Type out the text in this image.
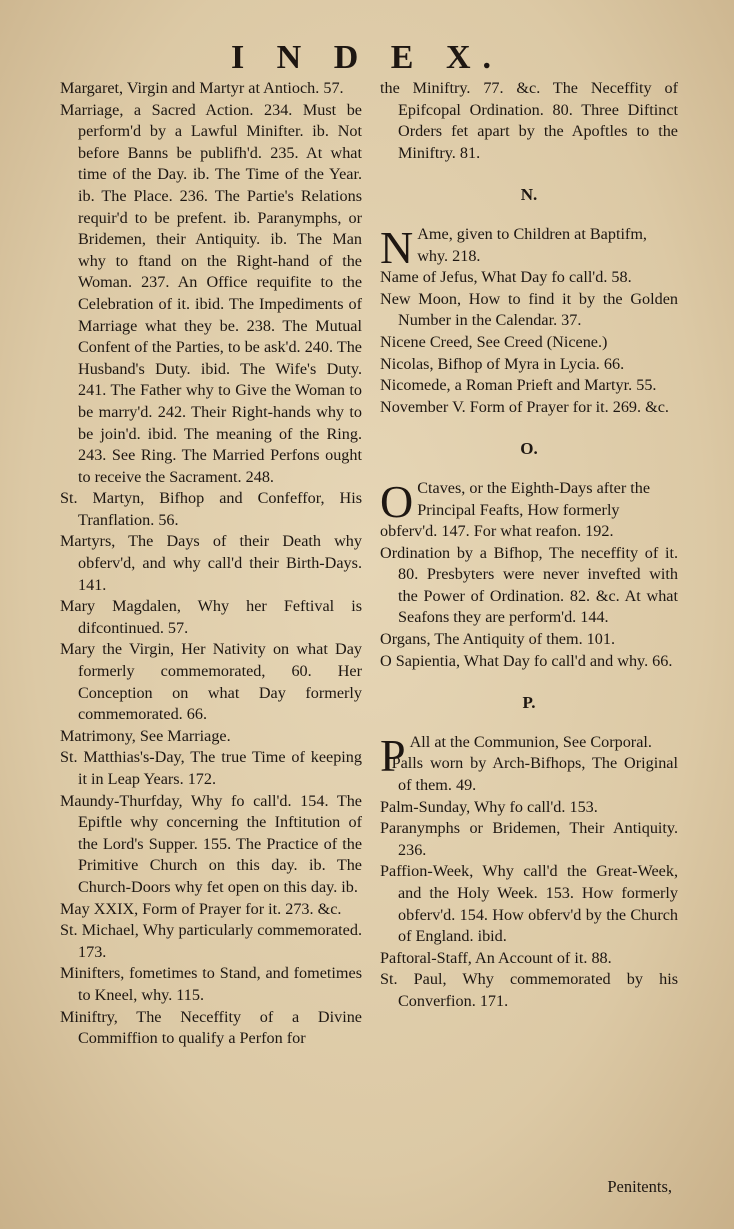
I N D E X.

Margaret, Virgin and Martyr at Antioch. 57.

Marriage, a Sacred Action. 234. Must be perform'd by a Lawful Minifter. ib. Not before Banns be publifh'd. 235. At what time of the Day. ib. The Time of the Year. ib. The Place. 236. The Partie's Relations requir'd to be prefent. ib. Paranymphs, or Bridemen, their Antiquity. ib. The Man why to ftand on the Right-hand of the Woman. 237. An Office requifite to the Celebration of it. ibid. The Impediments of Marriage what they be. 238. The Mutual Confent of the Parties, to be ask'd. 240. The Husband's Duty. ibid. The Wife's Duty. 241. The Father why to Give the Woman to be marry'd. 242. Their Right-hands why to be join'd. ibid. The meaning of the Ring. 243. See Ring. The Married Perfons ought to receive the Sacrament. 248.

St. Martyn, Bifhop and Confeffor, His Tranflation. 56.

Martyrs, The Days of their Death why obferv'd, and why call'd their Birth-Days. 141.

Mary Magdalen, Why her Feftival is difcontinued. 57.

Mary the Virgin, Her Nativity on what Day formerly commemorated, 60. Her Conception on what Day formerly commemorated. 66.

Matrimony, See Marriage.

St. Matthias's-Day, The true Time of keeping it in Leap Years. 172.

Maundy-Thurfday, Why fo call'd. 154. The Epiftle why concerning the Inftitution of the Lord's Supper. 155. The Practice of the Primitive Church on this day. ib. The Church-Doors why fet open on this day. ib.

May XXIX, Form of Prayer for it. 273. &c.

St. Michael, Why particularly commemorated. 173.

Minifters, fometimes to Stand, and fometimes to Kneel, why. 115.

Miniftry, The Neceffity of a Divine Commiffion to qualify a Perfon for

the Miniftry. 77. &c. The Neceffity of Epifcopal Ordination. 80. Three Diftinct Orders fet apart by the Apoftles to the Miniftry. 81.

N.

N Ame, given to Children at Baptifm, why. 218.

Name of Jefus, What Day fo call'd. 58.

New Moon, How to find it by the Golden Number in the Calendar. 37.

Nicene Creed, See Creed (Nicene.)

Nicolas, Bifhop of Myra in Lycia. 66.

Nicomede, a Roman Prieft and Martyr. 55.

November V. Form of Prayer for it. 269. &c.

O.

O Ctaves, or the Eighth-Days after the Principal Feafts, How formerly obferv'd. 147. For what reafon. 192.

Ordination by a Bifhop, The neceffity of it. 80. Presbyters were never invefted with the Power of Ordination. 82. &c. At what Seafons they are perform'd. 144.

Organs, The Antiquity of them. 101.

O Sapientia, What Day fo call'd and why. 66.

P.

P All at the Communion, See Corporal.

Palls worn by Arch-Bifhops, The Original of them. 49.

Palm-Sunday, Why fo call'd. 153.

Paranymphs or Bridemen, Their Antiquity. 236.

Paffion-Week, Why call'd the Great-Week, and the Holy Week. 153. How formerly obferv'd. 154. How obferv'd by the Church of England. ibid.

Paftoral-Staff, An Account of it. 88.

St. Paul, Why commemorated by his Converfion. 171.

Penitents,
